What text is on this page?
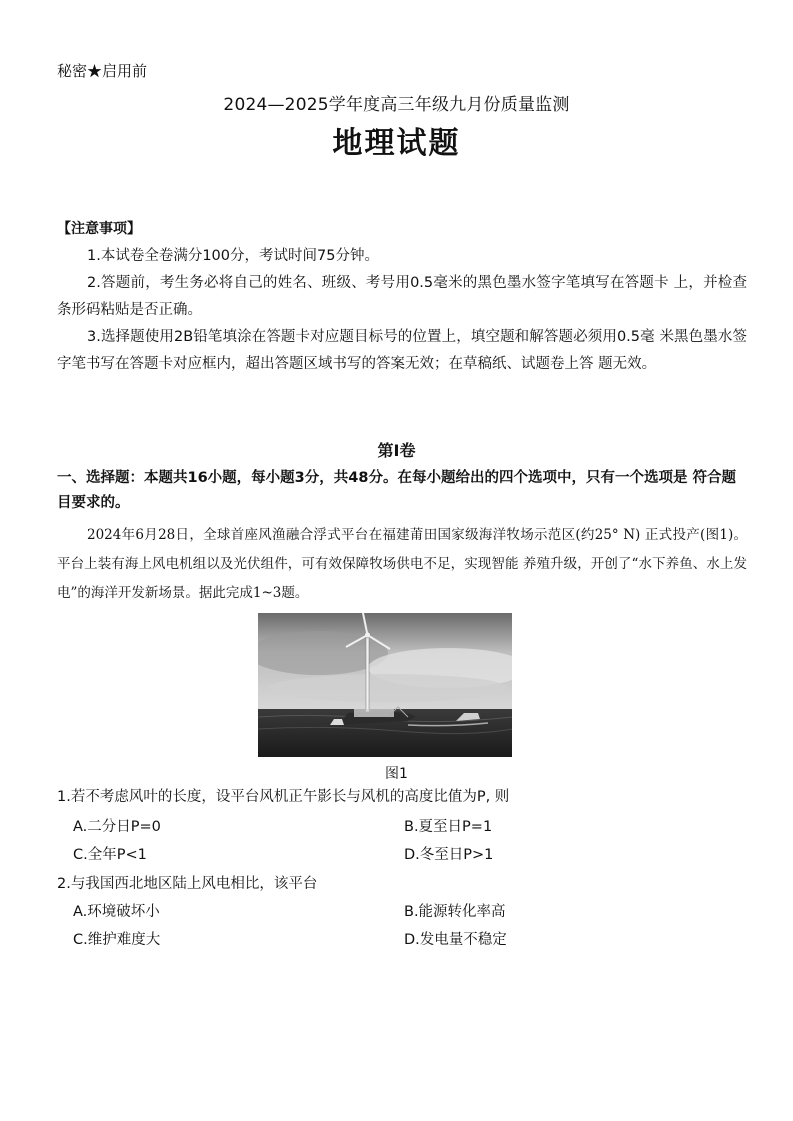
秘密★启用前
2024—2025学年度高三年级九月份质量监测
地理试题
【注意事项】
1.本试卷全卷满分100分，考试时间75分钟。
2.答题前，考生务必将自己的姓名、班级、考号用0.5毫米的黑色墨水签字笔填写在答题卡 上，并检查条形码粘贴是否正确。
3.选择题使用2B铅笔填涂在答题卡对应题目标号的位置上，填空题和解答题必须用0.5毫 米黑色墨水签字笔书写在答题卡对应框内，超出答题区域书写的答案无效；在草稿纸、试题卷上答 题无效。
第I卷
一、选择题：本题共16小题，每小题3分，共48分。在每小题给出的四个选项中，只有一个选项是 符合题目要求的。
2024年6月28日，全球首座风渔融合浮式平台在福建莆田国家级海洋牧场示范区(约25° N) 正式投产(图1)。平台上装有海上风电机组以及光伏组件，可有效保障牧场供电不足，实现智能 养殖升级，开创了“水下养鱼、水上发电”的海洋开发新场景。据此完成1~3题。
图1
1.若不考虑风叶的长度，设平台风机正午影长与风机的高度比值为P, 则
A.二分日P=0	B.夏至日P=1
C.全年P<1	D.冬至日P>1
2.与我国西北地区陆上风电相比，该平台
A.环境破坏小	B.能源转化率高
C.维护难度大	D.发电量不稳定
